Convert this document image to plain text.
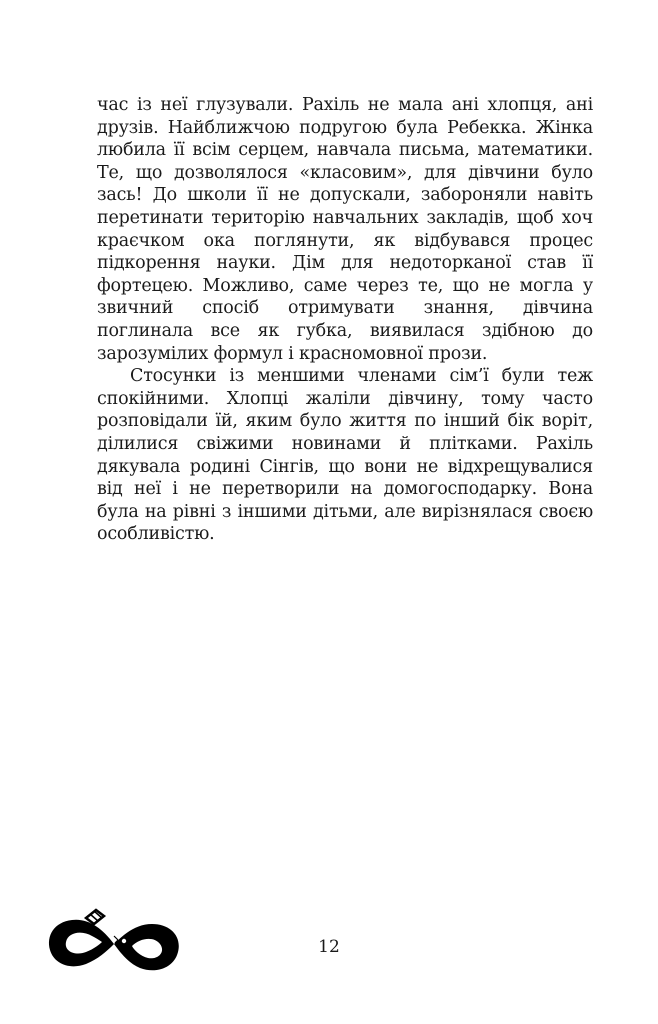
час із неї глузували. Рахіль не мала ані хлопця, ані друзів. Найближчою подругою була Ребекка. Жінка любила її всім серцем, навчала письма, математики. Те, що дозволялося «класовим», для дівчини було зась! До школи її не допускали, забороняли навіть перетинати територію навчальних закладів, щоб хоч краєчком ока поглянути, як відбувався процес підкорення науки. Дім для недоторканої став її фортецею. Можливо, саме через те, що не могла у звичний спосіб отримувати знання, дівчина поглинала все як губка, виявилася здібною до зарозумілих формул і красномовної прози.

Стосунки із меншими членами сім’ї були теж спокійними. Хлопці жаліли дівчину, тому часто розповідали їй, яким було життя по інший бік воріт, ділилися свіжими новинами й плітками. Рахіль дякувала родині Сінгів, що вони не відхрещувалися від неї і не перетворили на домогосподарку. Вона була на рівні з іншими дітьми, але вирізнялася своєю особливістю.

12
